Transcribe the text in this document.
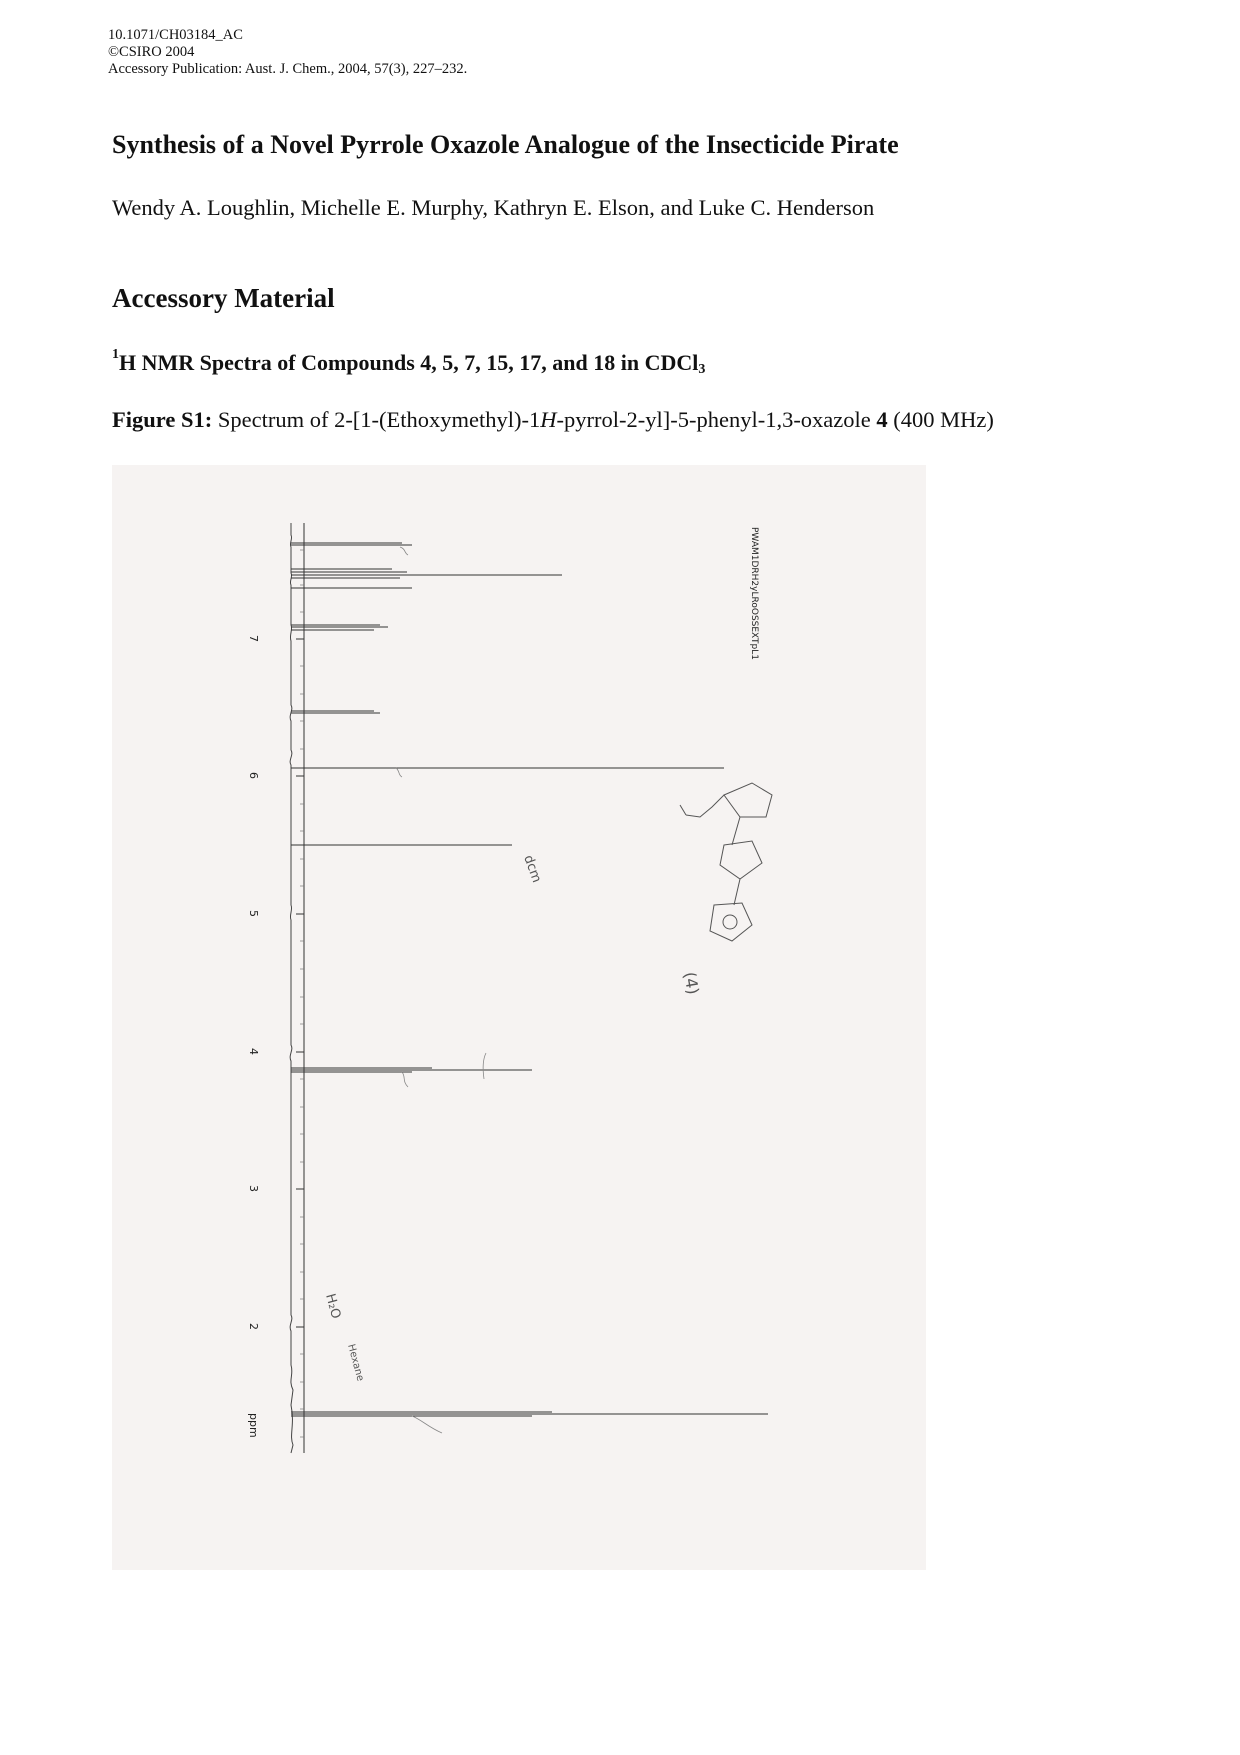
10.1071/CH03184_AC
©CSIRO 2004
Accessory Publication: Aust. J. Chem., 2004, 57(3), 227–232.
Synthesis of a Novel Pyrrole Oxazole Analogue of the Insecticide Pirate
Wendy A. Loughlin, Michelle E. Murphy, Kathryn E. Elson, and Luke C. Henderson
Accessory Material
$^1$H NMR Spectra of Compounds 4, 5, 7, 15, 17, and 18 in CDCl$_3$
Figure S1: Spectrum of 2-[1-(Ethoxymethyl)-1H-pyrrol-2-yl]-5-phenyl-1,3-oxazole 4 (400 MHz)
7
6
5
4
3
2
ppm
PWAM1DRH2yLRoOSSEXTpL1
dcm
H₂O
Hexane
(4)
